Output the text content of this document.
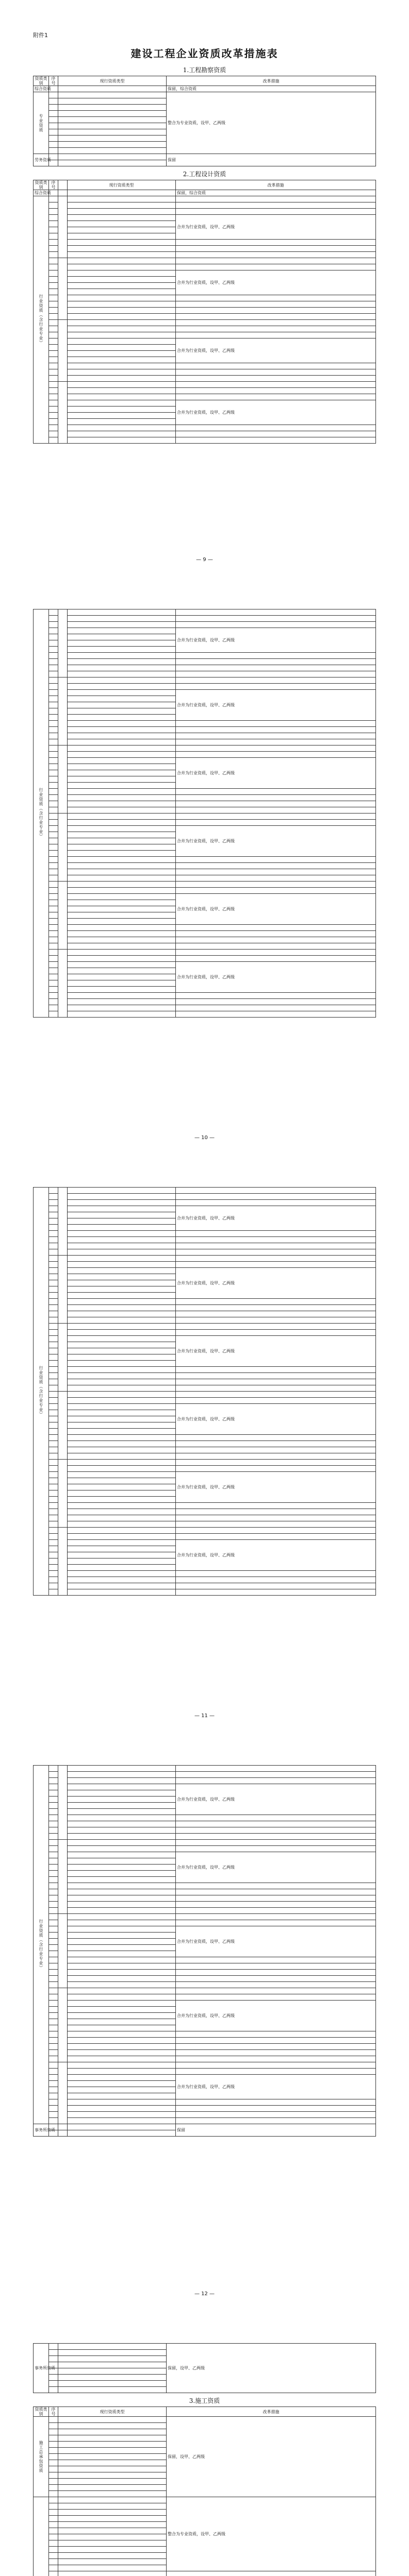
附件1
建设工程企业资质改革措施表
1.工程勘察资质
资质类别	序号	现行资质类型	改革措施
综合资质			保留，综合资质
专业资质			整合为专业资质，设甲、乙两级

劳务资质			保留

2.工程设计资质
资质类别	序号		现行资质类型	改革措施
综合资质				保留，综合资质
行业资质（含行业专业）				

				合并为行业资质，设甲、乙两级

				合并为行业资质，设甲、乙两级

				合并为行业资质，设甲、乙两级

				合并为行业资质，设甲、乙两级

— 9 —
行业资质（含行业专业）				

				合并为行业资质，设甲、乙两级

				合并为行业资质，设甲、乙两级

				合并为行业资质，设甲、乙两级

				合并为行业资质，设甲、乙两级

				合并为行业资质，设甲、乙两级

				合并为行业资质，设甲、乙两级

— 10 —
行业资质（含行业专业）				

				合并为行业资质，设甲、乙两级

				合并为行业资质，设甲、乙两级

				合并为行业资质，设甲、乙两级

				合并为行业资质，设甲、乙两级

				合并为行业资质，设甲、乙两级

				合并为行业资质，设甲、乙两级

— 11 —
行业资质（含行业专业）				

				合并为行业资质，设甲、乙两级

				合并为行业资质，设甲、乙两级

				合并为行业资质，设甲、乙两级

				合并为行业资质，设甲、乙两级

				合并为行业资质，设甲、乙两级

事务所资质				保留

— 12 —
事务所资质			保留，设甲、乙两级

3.施工资质
资质类别	序号	现行资质类型	改革措施
施工总承包资质			保留，设甲、乙两级

			整合为专业资质，设甲、乙两级
